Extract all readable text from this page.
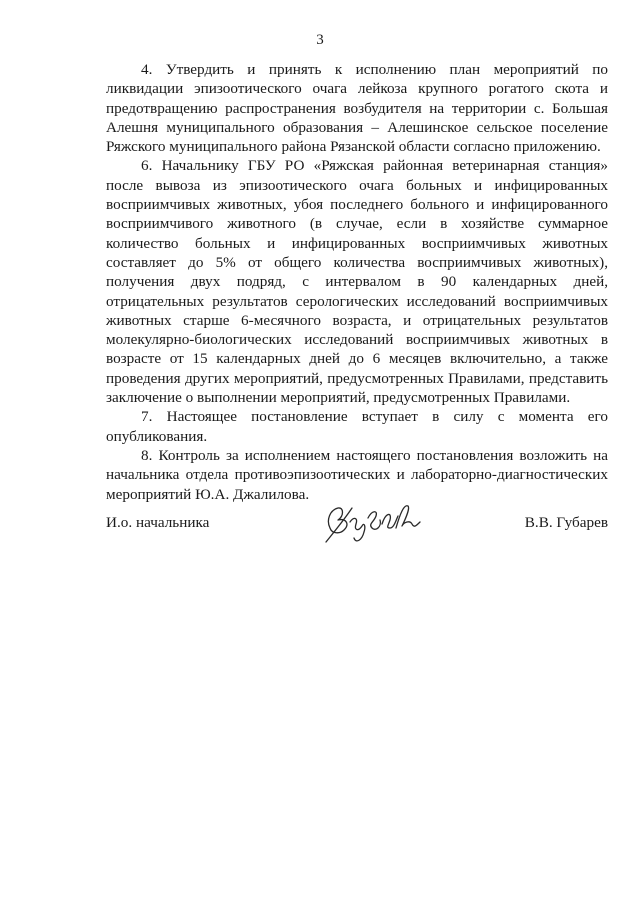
3

4. Утвердить и принять к исполнению план мероприятий по ликвидации эпизоотического очага лейкоза крупного рогатого скота и предотвращению распространения возбудителя на территории с. Большая Алешня муниципального образования – Алешинское сельское поселение Ряжского муниципального района Рязанской области согласно приложению.

6. Начальнику ГБУ РО «Ряжская районная ветеринарная станция» после вывоза из эпизоотического очага больных и инфицированных восприимчивых животных, убоя последнего больного и инфицированного восприимчивого животного (в случае, если в хозяйстве суммарное количество больных и инфицированных восприимчивых животных составляет до 5% от общего количества восприимчивых животных), получения двух подряд, с интервалом в 90 календарных дней, отрицательных результатов серологических исследований восприимчивых животных старше 6-месячного возраста, и отрицательных результатов молекулярно-биологических исследований восприимчивых животных в возрасте от 15 календарных дней до 6 месяцев включительно, а также проведения других мероприятий, предусмотренных Правилами, представить заключение о выполнении мероприятий, предусмотренных Правилами.

7. Настоящее постановление вступает в силу с момента его опубликования.

8. Контроль за исполнением настоящего постановления возложить на начальника отдела противоэпизоотических и лабораторно-диагностических мероприятий Ю.А. Джалилова.

И.о. начальника	В.В. Губарев
